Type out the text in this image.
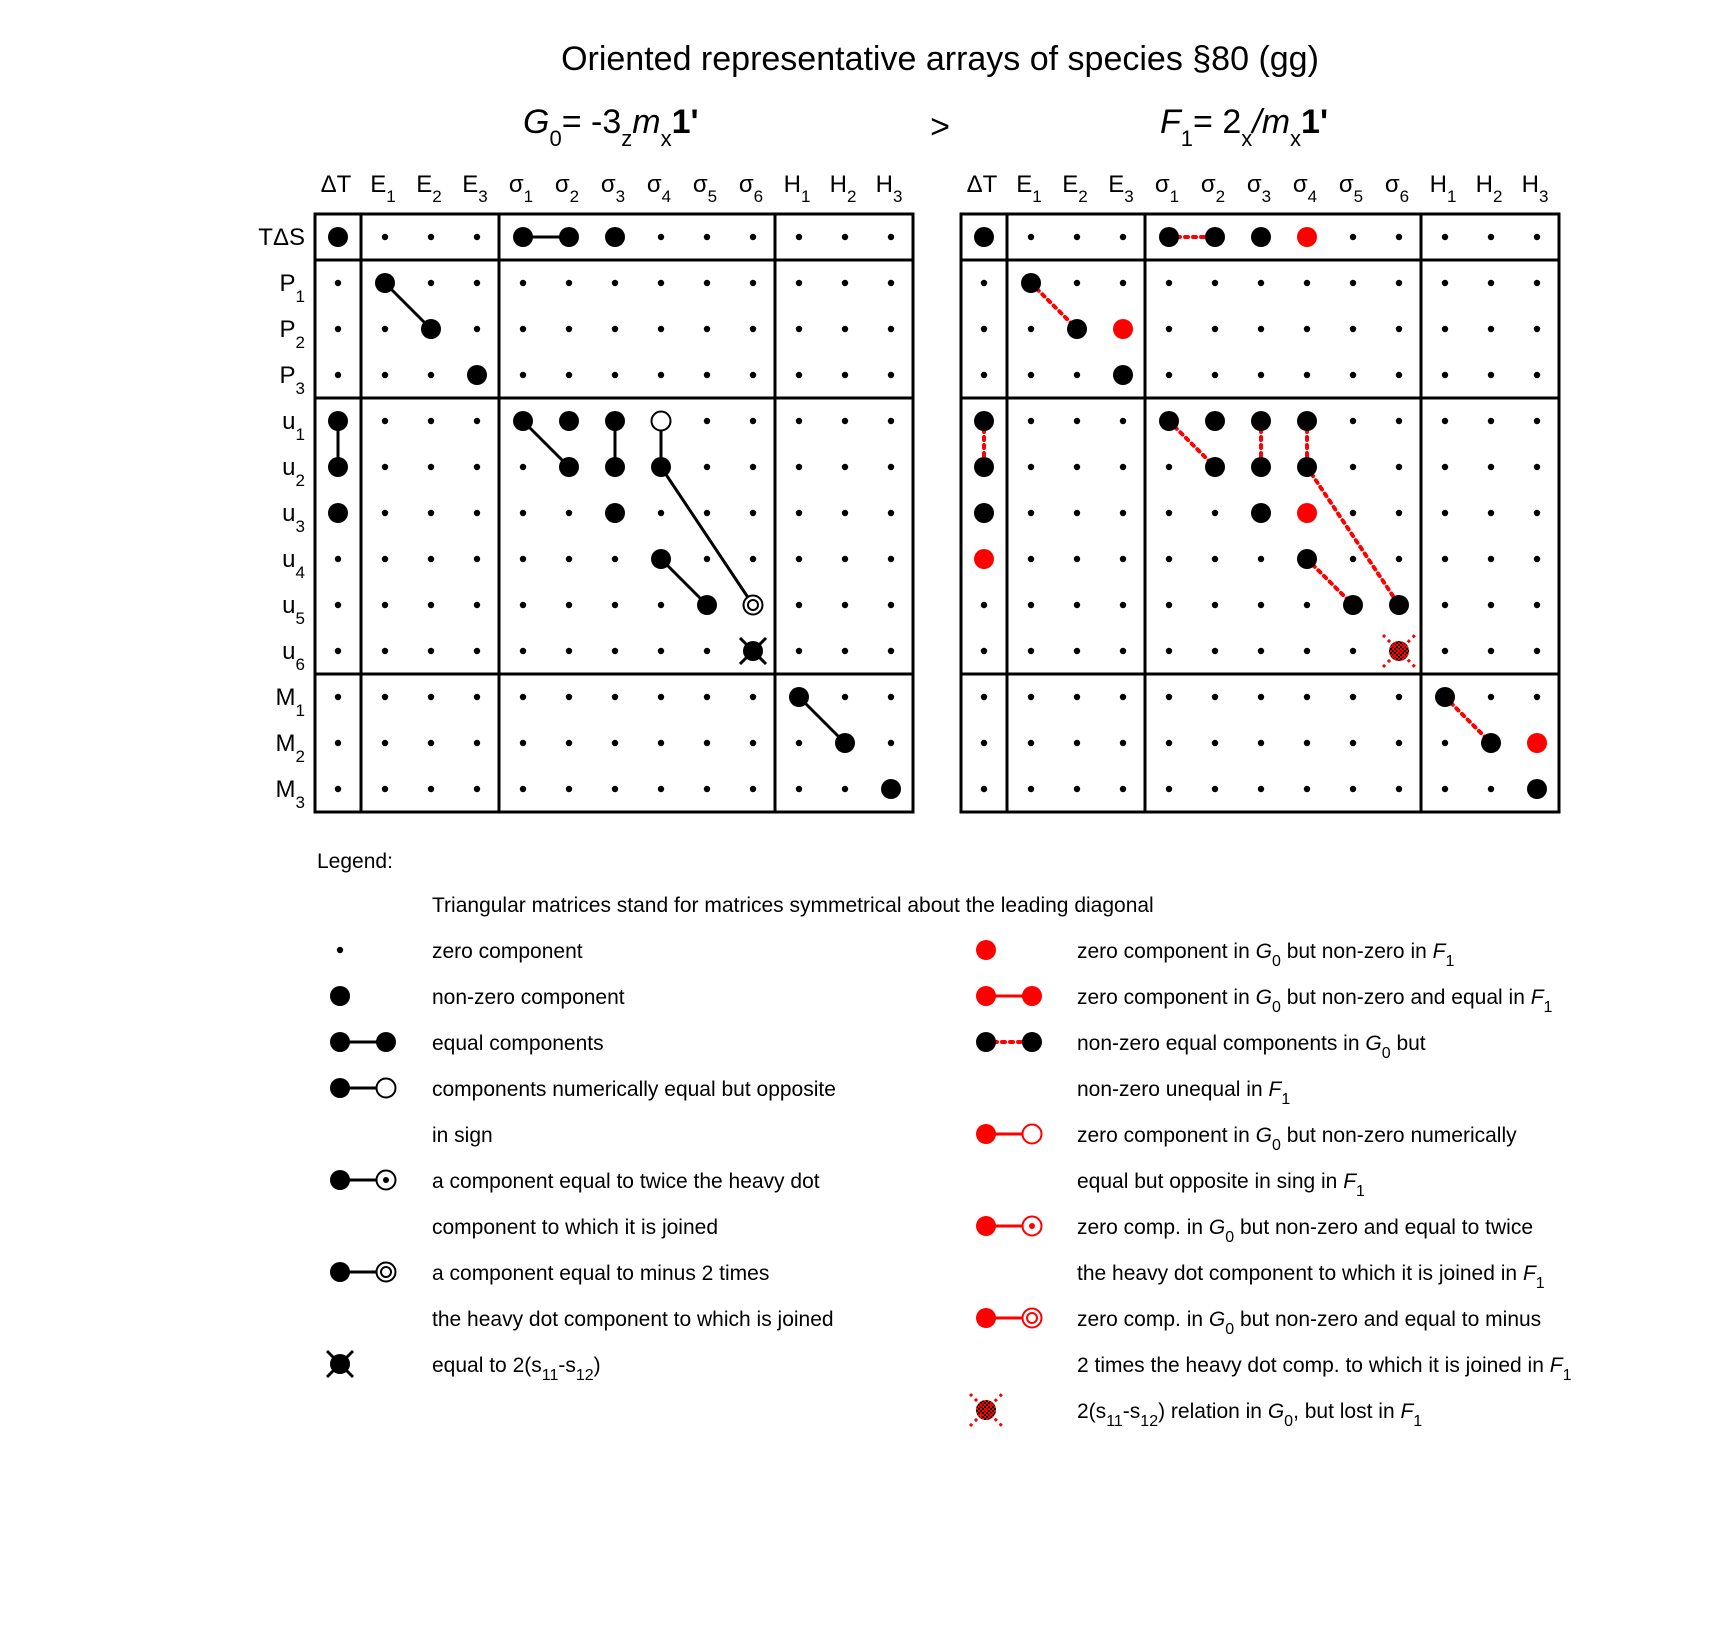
Oriented representative arrays of species §80 (gg)
$G_0= -3_zm_x1'$	>	$F_1= 2_x/m_x1'$
ΔT $E_1$ $E_2$ $E_3$ $\sigma_1$ $\sigma_2$ $\sigma_3$ $\sigma_4$ $\sigma_5$ $\sigma_6$ $H_1$ $H_2$ $H_3$
TΔS
$P_1$
$P_2$
$P_3$
$u_1$
$u_2$
$u_3$
$u_4$
$u_5$
$u_6$
$M_1$
$M_2$
$M_3$
ΔT $E_1$ $E_2$ $E_3$ $\sigma_1$ $\sigma_2$ $\sigma_3$ $\sigma_4$ $\sigma_5$ $\sigma_6$ $H_1$ $H_2$ $H_3$
Legend:
Triangular matrices stand for matrices symmetrical about the leading diagonal
zero component
non-zero component
equal components
components numerically equal but opposite
in sign
a component equal to twice the heavy dot
component to which it is joined
a component equal to minus 2 times
the heavy dot component to which is joined
equal to $2(s_{11}-s_{12})$
zero component in $G_0$ but non-zero in $F_1$
zero component in $G_0$ but non-zero and equal in $F_1$
non-zero equal components in $G_0$ but
non-zero unequal in $F_1$
zero component in $G_0$ but non-zero numerically
equal but opposite in sing in $F_1$
zero comp. in $G_0$ but non-zero and equal to twice
the heavy dot component to which it is joined in $F_1$
zero comp. in $G_0$ but non-zero and equal to minus
2 times the heavy dot comp. to which it is joined in $F_1$
$2(s_{11}-s_{12})$ relation in $G_0$, but lost in $F_1$
